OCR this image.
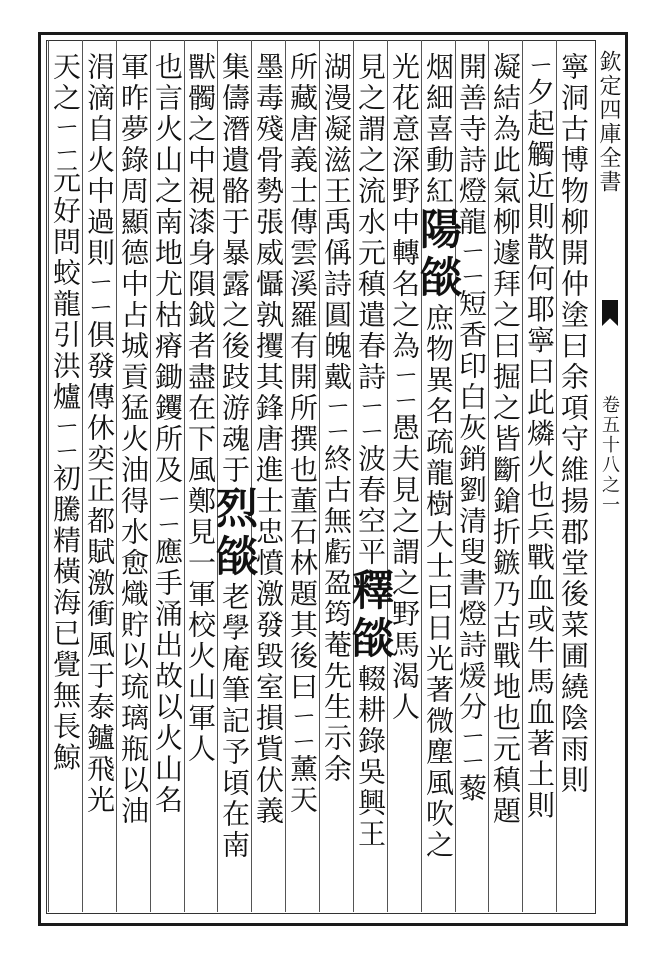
欽定四庫全書
卷五十八之一
寧洞古博物柳開仲塗曰余項守維揚郡堂後菜圃繞陰雨則
ㄧ夕起觸近則散何耶寧曰此燐火也兵戰血或牛馬血著土則
凝結為此氣柳遽拜之曰掘之皆斷鎗折鏃乃古戰地也元稹題
開善寺詩燈龍ㄧㄧ短香印白灰銷劉清叟書燈詩煖分ㄧㄧ藜
烟細喜動紅陽燄庶物異名疏龍樹大士曰日光著微塵風吹之
光花意深野中轉名之為ㄧㄧ愚夫見之謂之野馬渴人
見之謂之流水元稹遣春詩ㄧㄧ波春空平釋燄輟耕錄吳興王
湖漫凝滋王禹偁詩圓魄戴ㄧㄧ終古無虧盈筠菴先生示余
所藏唐義士傳雲溪羅有開所撰也董石林題其後曰ㄧㄧ薰天
墨毒殘骨勢張威懾孰攫其鋒唐進士忠憤激發毀室損貲伏義
集儔潛遺骼于暴露之後跂游魂于烈燄老學庵筆記予頃在南
獸髑之中視漆身隕鉞者盡在下風鄭見一軍校火山軍人
也言火山之南地尤枯瘠鋤钁所及ㄧㄧ應手涌出故以火山名
軍昨夢錄周顯德中占城貢猛火油得水愈熾貯以琉璃瓶以油
涓滴自火中過則ㄧㄧ俱發傳休奕正都賦激衝風于泰鑪飛光
天之ㄧㄧ元好問蛟龍引洪爐ㄧㄧ初騰精橫海已覺無長鯨
